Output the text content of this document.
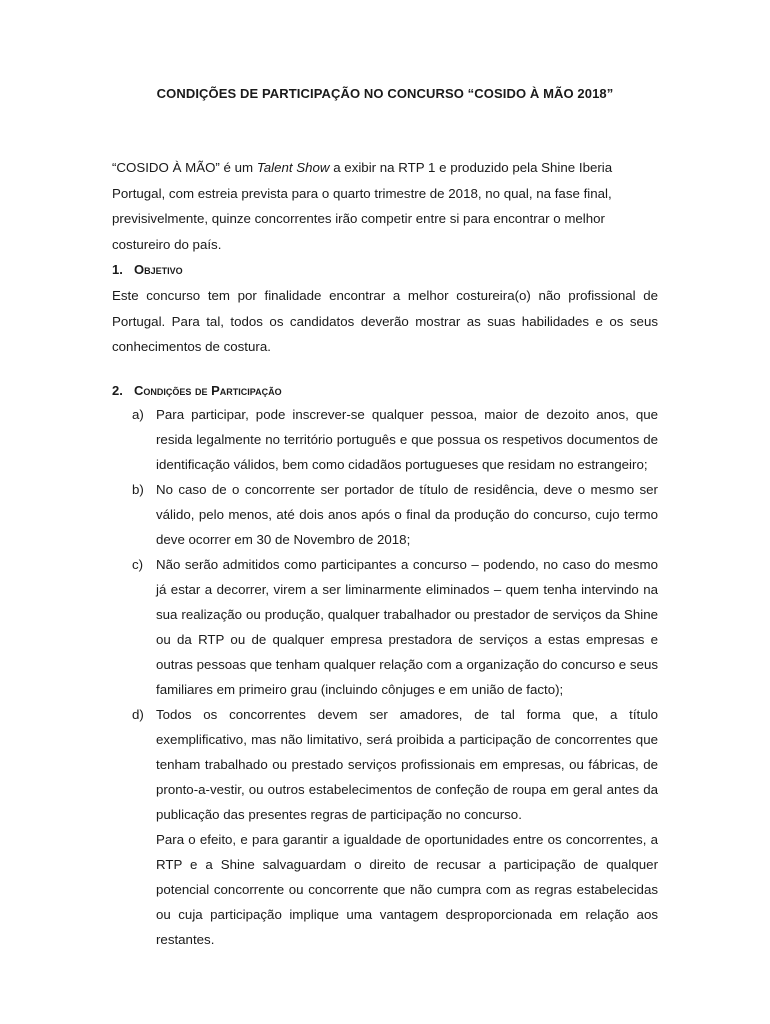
CONDIÇÕES DE PARTICIPAÇÃO NO CONCURSO “COSIDO À MÃO 2018”
“COSIDO À MÃO” é um Talent Show a exibir na RTP 1 e produzido pela Shine Iberia Portugal, com estreia prevista para o quarto trimestre de 2018, no qual, na fase final, previsivelmente, quinze concorrentes irão competir entre si para encontrar o melhor costureiro do país.
1. Objetivo
Este concurso tem por finalidade encontrar a melhor costureira(o) não profissional de Portugal. Para tal, todos os candidatos deverão mostrar as suas habilidades e os seus conhecimentos de costura.
2. Condições de Participação
a) Para participar, pode inscrever-se qualquer pessoa, maior de dezoito anos, que resida legalmente no território português e que possua os respetivos documentos de identificação válidos, bem como cidadãos portugueses que residam no estrangeiro;

b) No caso de o concorrente ser portador de título de residência, deve o mesmo ser válido, pelo menos, até dois anos após o final da produção do concurso, cujo termo deve ocorrer em 30 de Novembro de 2018;

c) Não serão admitidos como participantes a concurso – podendo, no caso do mesmo já estar a decorrer, virem a ser liminarmente eliminados – quem tenha intervindo na sua realização ou produção, qualquer trabalhador ou prestador de serviços da Shine ou da RTP ou de qualquer empresa prestadora de serviços a estas empresas e outras pessoas que tenham qualquer relação com a organização do concurso e seus familiares em primeiro grau (incluindo cônjuges e em união de facto);

d) Todos os concorrentes devem ser amadores, de tal forma que, a título exemplificativo, mas não limitativo, será proibida a participação de concorrentes que tenham trabalhado ou prestado serviços profissionais em empresas, ou fábricas, de pronto-a-vestir, ou outros estabelecimentos de confeção de roupa em geral antes da publicação das presentes regras de participação no concurso.

Para o efeito, e para garantir a igualdade de oportunidades entre os concorrentes, a RTP e a Shine salvaguardam o direito de recusar a participação de qualquer potencial concorrente ou concorrente que não cumpra com as regras estabelecidas ou cuja participação implique uma vantagem desproporcionada em relação aos restantes.
